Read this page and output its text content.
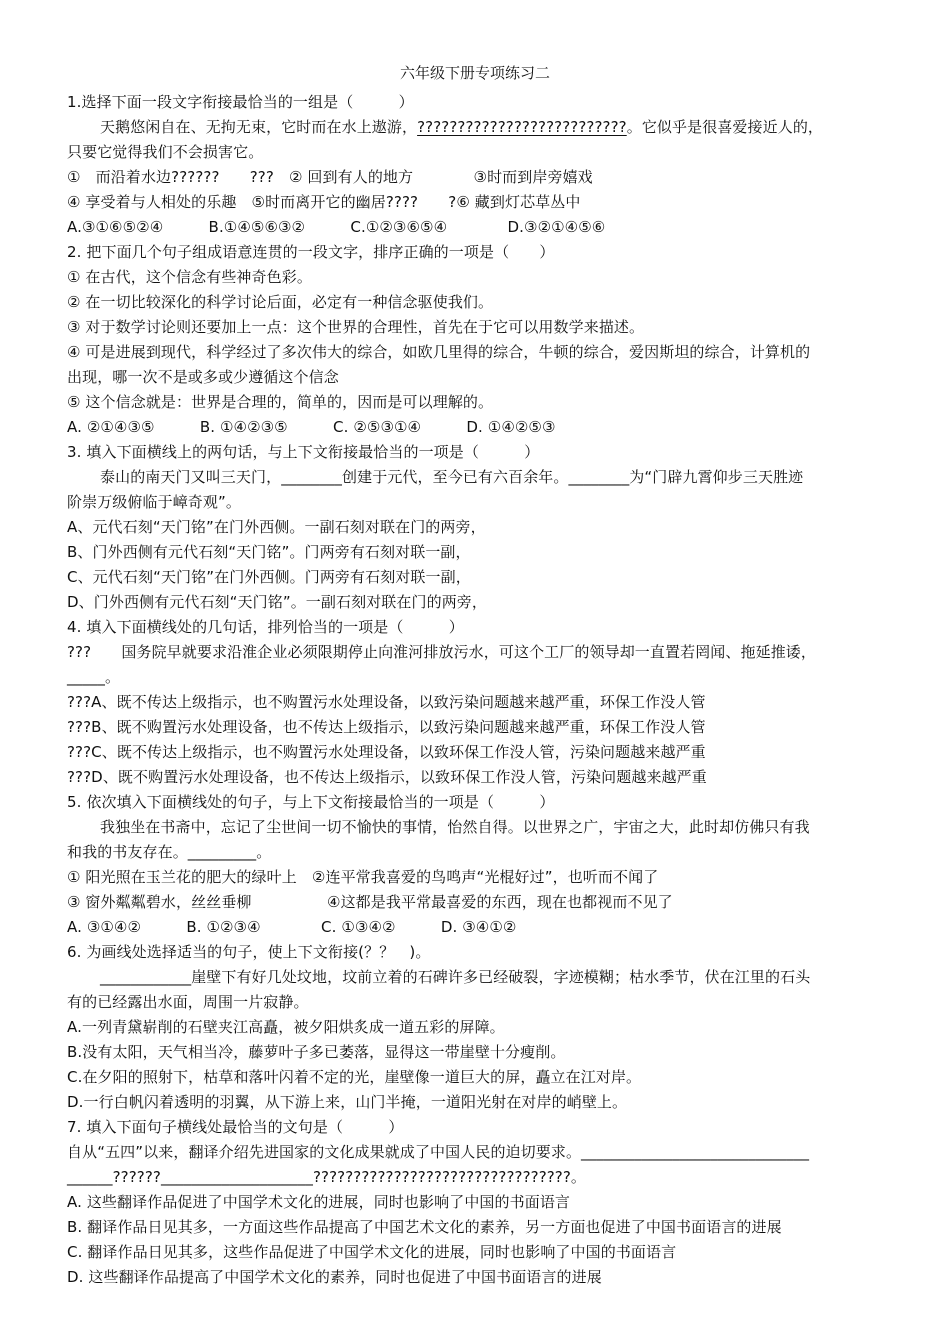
六年级下册专项练习二
1.选择下面一段文字衔接最恰当的一组是（　　　）
天鹅悠闲自在、无拘无束，它时而在水上遨游，??????????????????????????。它似乎是很喜爱接近人的，
只要它觉得我们不会损害它。
①　而沿着水边??????　　???　② 回到有人的地方　　　　③时而到岸旁嬉戏
④ 享受着与人相处的乐趣　⑤时而离开它的幽居????　　?⑥ 藏到灯芯草丛中
A.③①⑥⑤②④　　　B.①④⑤⑥③②　　　C.①②③⑥⑤④　　　　D.③②①④⑤⑥
2. 把下面几个句子组成语意连贯的一段文字，排序正确的一项是（　　）
① 在古代，这个信念有些神奇色彩。
② 在一切比较深化的科学讨论后面，必定有一种信念驱使我们。
③ 对于数学讨论则还要加上一点：这个世界的合理性，首先在于它可以用数学来描述。
④ 可是进展到现代，科学经过了多次伟大的综合，如欧几里得的综合，牛顿的综合，爱因斯坦的综合，计算机的
出现，哪一次不是或多或少遵循这个信念
⑤ 这个信念就是：世界是合理的，简单的，因而是可以理解的。
A. ②①④③⑤　　　B. ①④②③⑤　　　C. ②⑤③①④　　　D. ①④②⑤③
3. 填入下面横线上的两句话，与上下文衔接最恰当的一项是（　　　）
泰山的南天门又叫三天门，________创建于元代，至今已有六百余年。________为“门辟九霄仰步三天胜迹
阶崇万级俯临于嶂奇观”。
A、元代石刻“天门铭”在门外西侧。一副石刻对联在门的两旁，
B、门外西侧有元代石刻“天门铭”。门两旁有石刻对联一副，
C、元代石刻“天门铭”在门外西侧。门两旁有石刻对联一副，
D、门外西侧有元代石刻“天门铭”。一副石刻对联在门的两旁，
4. 填入下面横线处的几句话，排列恰当的一项是（　　　）
???　　国务院早就要求沿淮企业必须限期停止向淮河排放污水，可这个工厂的领导却一直置若罔闻、拖延推诿，
_____。
???A、既不传达上级指示，也不购置污水处理设备，以致污染问题越来越严重，环保工作没人管
???B、既不购置污水处理设备，也不传达上级指示，以致污染问题越来越严重，环保工作没人管
???C、既不传达上级指示，也不购置污水处理设备，以致环保工作没人管，污染问题越来越严重
???D、既不购置污水处理设备，也不传达上级指示，以致环保工作没人管，污染问题越来越严重
5. 依次填入下面横线处的句子，与上下文衔接最恰当的一项是（　　　）
我独坐在书斋中，忘记了尘世间一切不愉快的事情，怡然自得。以世界之广，宇宙之大，此时却仿佛只有我
和我的书友存在。_________。
① 阳光照在玉兰花的肥大的绿叶上　②连平常我喜爱的鸟鸣声“光棍好过”，也听而不闻了
③ 窗外粼粼碧水，丝丝垂柳　　　　　④这都是我平常最喜爱的东西，现在也都视而不见了
A. ③①④②　　　B. ①②③④　　　　C. ①③④②　　　D. ③④①②
6. 为画线处选择适当的句子，使上下文衔接(？？　)。
____________崖壁下有好几处坟地，坟前立着的石碑许多已经破裂，字迹模糊；枯水季节，伏在江里的石头
有的已经露出水面，周围一片寂静。
A.一列青黛崭削的石壁夹江高矗，被夕阳烘炙成一道五彩的屏障。
B.没有太阳，天气相当冷，藤萝叶子多已萎落，显得这一带崖壁十分瘦削。
C.在夕阳的照射下，枯草和落叶闪着不定的光，崖壁像一道巨大的屏，矗立在江对岸。
D.一行白帆闪着透明的羽翼，从下游上来，山门半掩，一道阳光射在对岸的峭壁上。
7. 填入下面句子横线处最恰当的文句是（　　　）
自从“五四”以来，翻译介绍先进国家的文化成果就成了中国人民的迫切要求。______________________________
______??????____________________????????????????????????????????。
A. 这些翻译作品促进了中国学术文化的进展，同时也影响了中国的书面语言
B. 翻译作品日见其多，一方面这些作品提高了中国艺术文化的素养，另一方面也促进了中国书面语言的进展
C. 翻译作品日见其多，这些作品促进了中国学术文化的进展，同时也影响了中国的书面语言
D. 这些翻译作品提高了中国学术文化的素养，同时也促进了中国书面语言的进展
